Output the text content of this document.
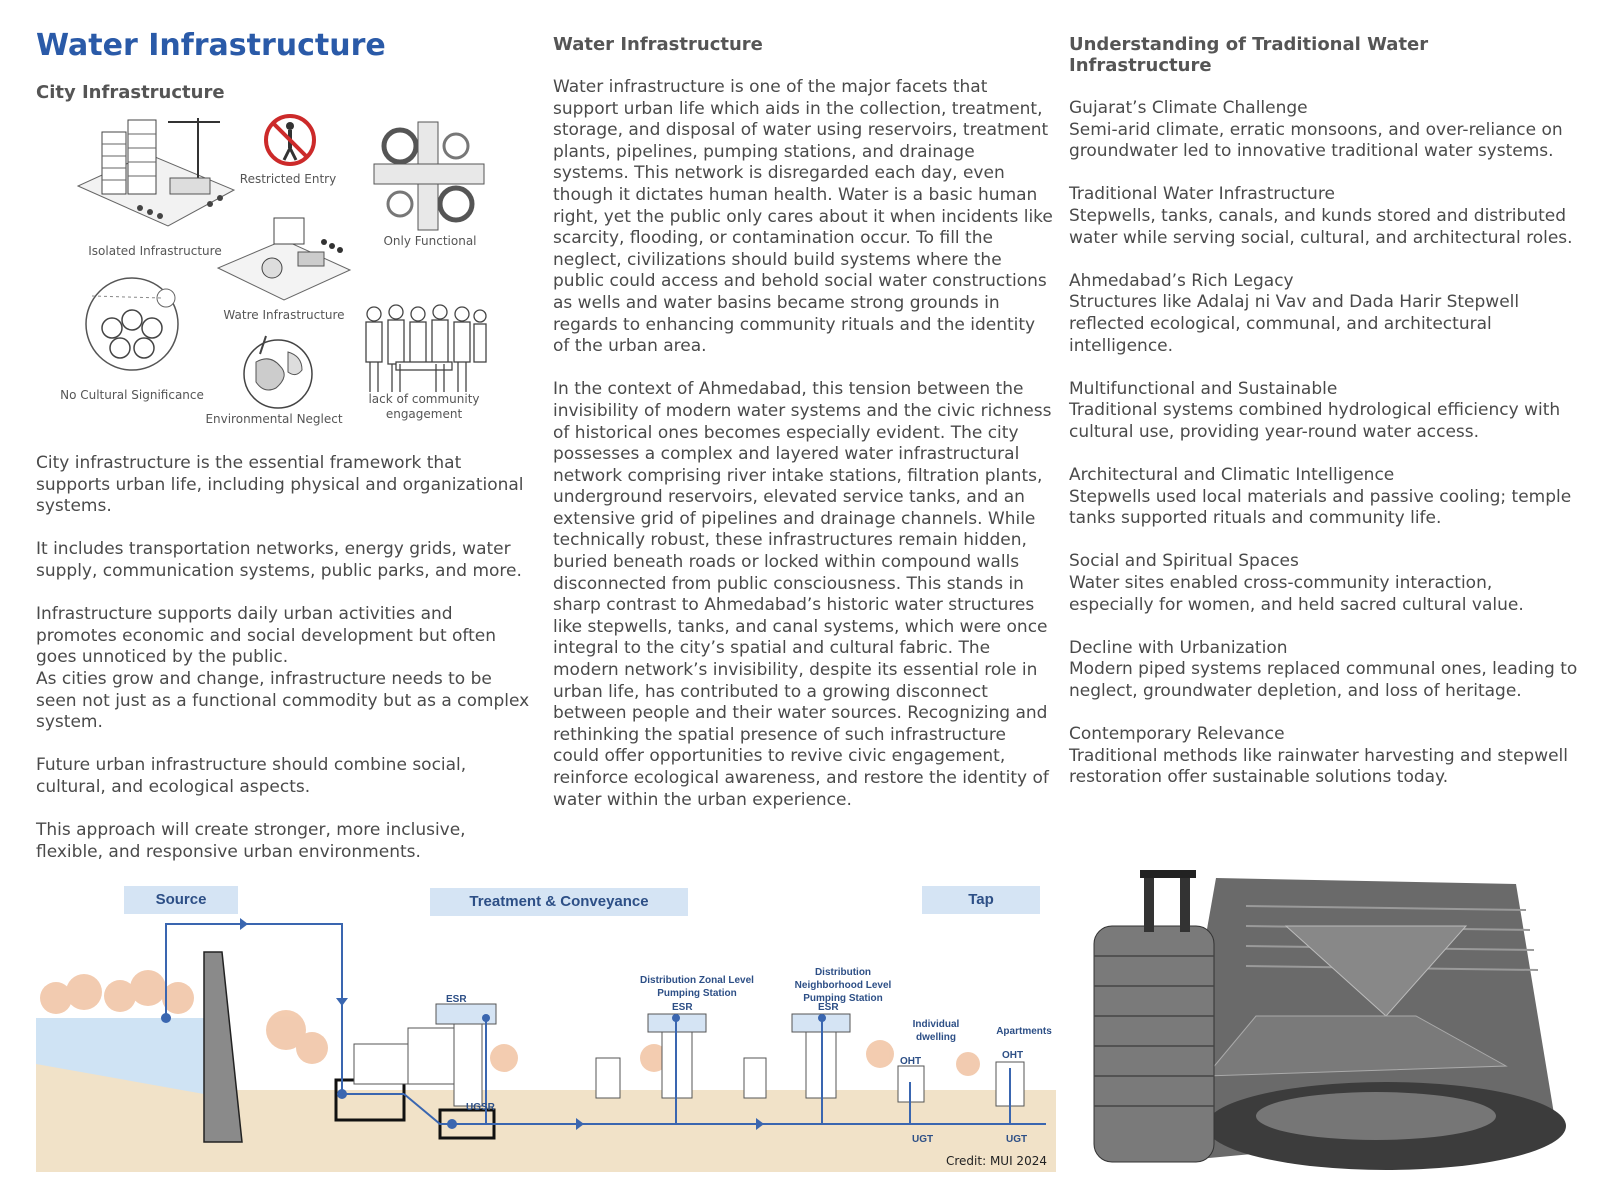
Water Infrastructure
City Infrastructure
Water Infrastructure	Understanding of Traditional Water Infrastructure
Isolated Infrastructure
Restricted Entry
Only Functional
Watre Infrastructure
No Cultural Significance
Environmental Neglect
lack of community engagement

City infrastructure is the essential framework that supports urban life, including physical and organizational systems.

It includes transportation networks, energy grids, water supply, communication systems, public parks, and more.

Infrastructure supports daily urban activities and promotes economic and social development but often goes unnoticed by the public.

As cities grow and change, infrastructure needs to be seen not just as a functional commodity but as a complex system.

Future urban infrastructure should combine social, cultural, and ecological aspects.

This approach will create stronger, more inclusive, flexible, and responsive urban environments.

Water infrastructure is one of the major facets that support urban life which aids in the collection, treatment, storage, and disposal of water using reservoirs, treatment plants, pipelines, pumping stations, and drainage systems. This network is disregarded each day, even though it dictates human health. Water is a basic human right, yet the public only cares about it when incidents like scarcity, flooding, or contamination occur. To fill the neglect, civilizations should build systems where the public could access and behold social water constructions as wells and water basins became strong grounds in regards to enhancing community rituals and the identity of the urban area.

In the context of Ahmedabad, this tension between the invisibility of modern water systems and the civic richness of historical ones becomes especially evident. The city possesses a complex and layered water infrastructural network comprising river intake stations, filtration plants, underground reservoirs, elevated service tanks, and an extensive grid of pipelines and drainage channels. While technically robust, these infrastructures remain hidden, buried beneath roads or locked within compound walls disconnected from public consciousness. This stands in sharp contrast to Ahmedabad’s historic water structures like stepwells, tanks, and canal systems, which were once integral to the city’s spatial and cultural fabric. The modern network’s invisibility, despite its essential role in urban life, has contributed to a growing disconnect between people and their water sources. Recognizing and rethinking the spatial presence of such infrastructure could offer opportunities to revive civic engagement, reinforce ecological awareness, and restore the identity of water within the urban experience.

Gujarat’s Climate Challenge
Semi-arid climate, erratic monsoons, and over-reliance on groundwater led to innovative traditional water systems.
Traditional Water Infrastructure
Stepwells, tanks, canals, and kunds stored and distributed water while serving social, cultural, and architectural roles.
Ahmedabad’s Rich Legacy
Structures like Adalaj ni Vav and Dada Harir Stepwell reflected ecological, communal, and architectural intelligence.
Multifunctional and Sustainable
Traditional systems combined hydrological efficiency with cultural use, providing year-round water access.
Architectural and Climatic Intelligence
Stepwells used local materials and passive cooling; temple tanks supported rituals and community life.
Social and Spiritual Spaces
Water sites enabled cross-community interaction, especially for women, and held sacred cultural value.
Decline with Urbanization
Modern piped systems replaced communal ones, leading to neglect, groundwater depletion, and loss of heritage.
Contemporary Relevance
Traditional methods like rainwater harvesting and stepwell restoration offer sustainable solutions today.
Source	Treatment & Conveyance	Tap
ESR
ESR	ESR
UGSR
OHT
OHT
UGT	UGT
Distribution Zonal Level Pumping Station
Distribution Neighborhood Level Pumping Station
Individual dwelling
Apartments
Credit: MUI 2024
